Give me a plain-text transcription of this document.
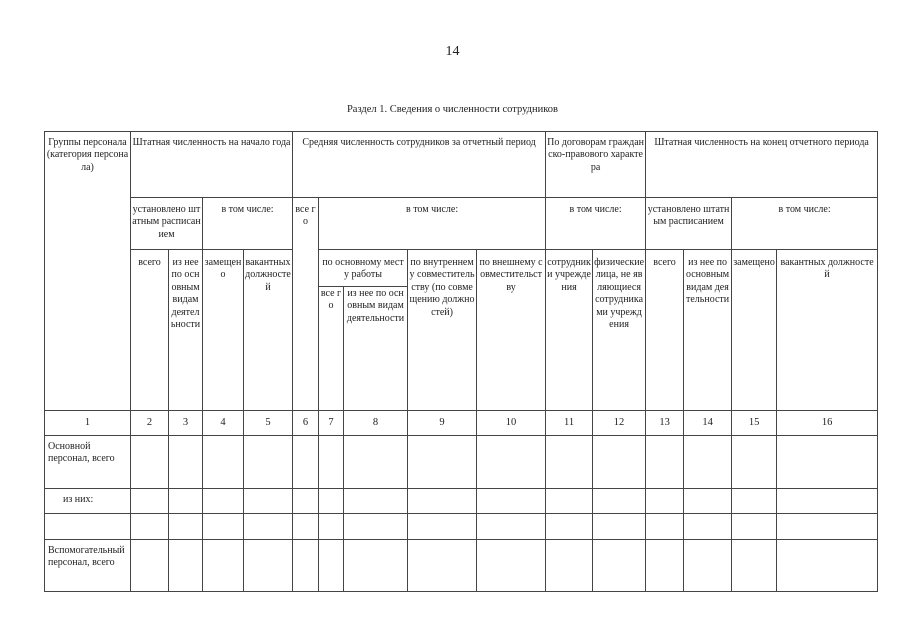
14
Раздел 1. Сведения о численности сотрудников
Группы персонала (категория персонала)	Штатная численность на начало года				Средняя численность сотрудников за отчетный период					По договорам гражданско-правового характера		Штатная численность на конец отчетного периода			
	установлено штатным расписанием		в том числе:		все го	в том числе:				в том числе:		установлено штатным расписанием		в том числе:	
	всего	из нее по основным видам деятельности	замещено	вакантных должностей		по основному месту работы		по внутреннему совместительству (по совмещению должностей)	по внешнему совместительству	сотрудники учреждения	физические лица, не являющиеся сотрудниками учреждения	всего	из нее по основным видам деятельности	замещено	вакантных должностей
						все го	из нее по основным видам деятельности								
1	2	3	4	5	6	7	8	9	10	11	12	13	14	15	16
Основной персонал, всего															
из них:															

Вспомогательный персонал, всего															
